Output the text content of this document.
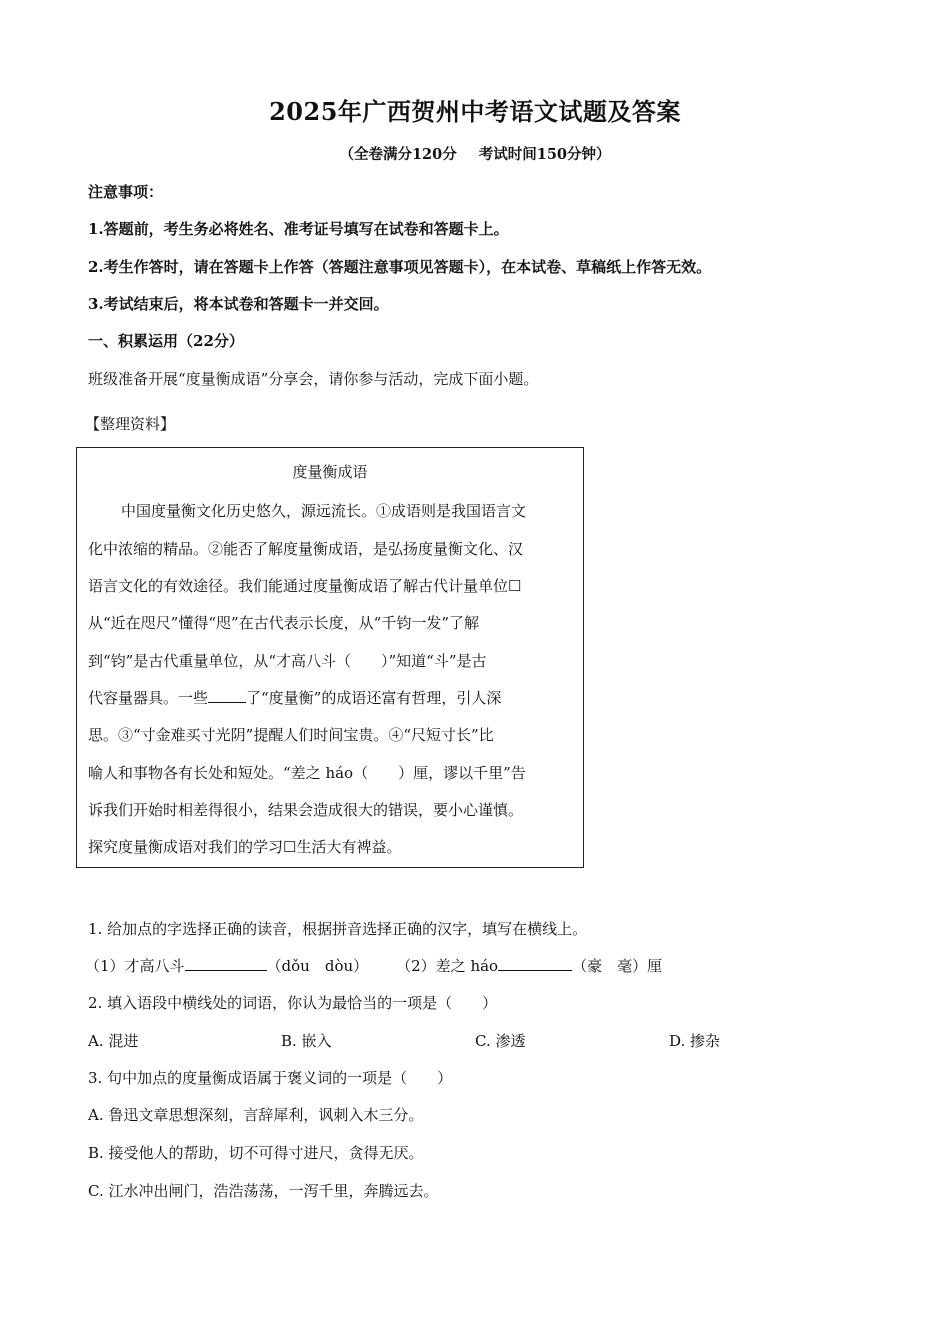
2025年广西贺州中考语文试题及答案
（全卷满分120分 考试时间150分钟）
注意事项：
1.答题前，考生务必将姓名、准考证号填写在试卷和答题卡上。
2.考生作答时，请在答题卡上作答（答题注意事项见答题卡），在本试卷、草稿纸上作答无效。
3.考试结束后，将本试卷和答题卡一并交回。
一、积累运用（22分）
班级准备开展“度量衡成语”分享会，请你参与活动，完成下面小题。
【整理资料】
度量衡成语
中国度量衡文化历史悠久，源远流长。①成语则是我国语言文
化中浓缩的精品。②能否了解度量衡成语，是弘扬度量衡文化、汉
语言文化的有效途径。我们能通过度量衡成语了解古代计量单位☐
从“近在咫尺”懂得“咫”在古代表示长度，从“千钧一发”了解
到“钧”是古代重量单位，从“才高八斗（　　）”知道“斗”是古
代容量器具。一些	了“度量衡”的成语还富有哲理，引人深
思。③“寸金难买寸光阴”提醒人们时间宝贵。④“尺短寸长”比
喻人和事物各有长处和短处。“差之 háo（　　）厘，谬以千里”告
诉我们开始时相差得很小，结果会造成很大的错误，要小心谨慎。
探究度量衡成语对我们的学习☐生活大有裨益。
1. 给加点的字选择正确的读音，根据拼音选择正确的汉字，填写在横线上。
（1）才高八斗	（dǒu　dòu） （2）差之 háo	（豪　毫）厘
2. 填入语段中横线处的词语，你认为最恰当的一项是（　　）
A. 混进	B. 嵌入	C. 渗透	D. 掺杂
3. 句中加点的度量衡成语属于褒义词的一项是（　　）
A. 鲁迅文章思想深刻，言辞犀利，讽刺入木三分。
B. 接受他人的帮助，切不可得寸进尺，贪得无厌。
C. 江水冲出闸门，浩浩荡荡，一泻千里，奔腾远去。
